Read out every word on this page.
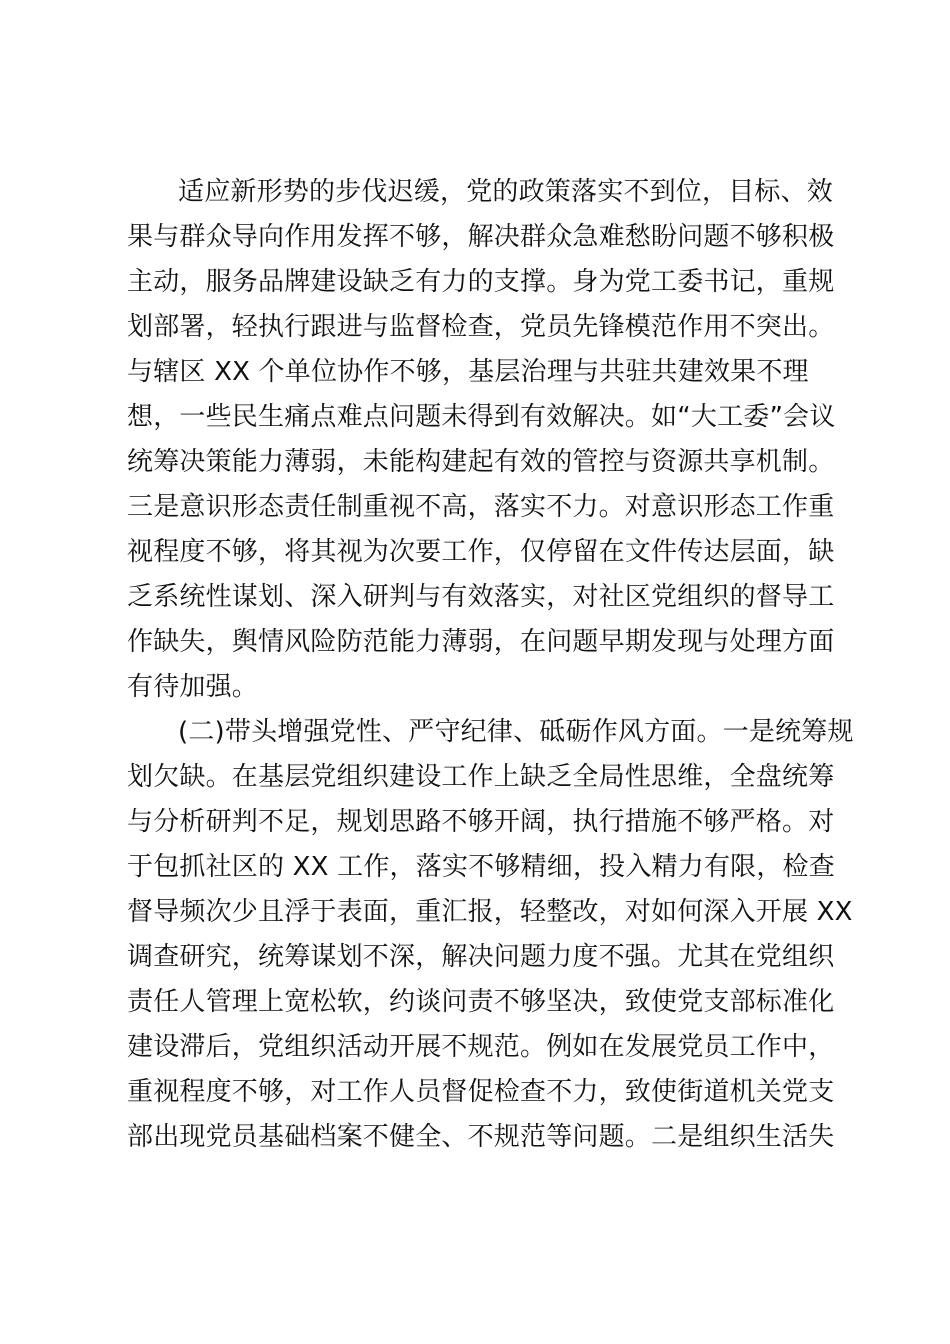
适应新形势的步伐迟缓，党的政策落实不到位，目标、效
果与群众导向作用发挥不够，解决群众急难愁盼问题不够积极
主动，服务品牌建设缺乏有力的支撑。身为党工委书记，重规
划部署，轻执行跟进与监督检查，党员先锋模范作用不突出。
与辖区 XX 个单位协作不够，基层治理与共驻共建效果不理
想，一些民生痛点难点问题未得到有效解决。如“大工委”会议
统筹决策能力薄弱，未能构建起有效的管控与资源共享机制。
三是意识形态责任制重视不高，落实不力。对意识形态工作重
视程度不够，将其视为次要工作，仅停留在文件传达层面，缺
乏系统性谋划、深入研判与有效落实，对社区党组织的督导工
作缺失，舆情风险防范能力薄弱，在问题早期发现与处理方面
有待加强。
(二)带头增强党性、严守纪律、砥砺作风方面。一是统筹规
划欠缺。在基层党组织建设工作上缺乏全局性思维，全盘统筹
与分析研判不足，规划思路不够开阔，执行措施不够严格。对
于包抓社区的 XX 工作，落实不够精细，投入精力有限，检查
督导频次少且浮于表面，重汇报，轻整改，对如何深入开展 XX
调查研究，统筹谋划不深，解决问题力度不强。尤其在党组织
责任人管理上宽松软，约谈问责不够坚决，致使党支部标准化
建设滞后，党组织活动开展不规范。例如在发展党员工作中，
重视程度不够，对工作人员督促检查不力，致使街道机关党支
部出现党员基础档案不健全、不规范等问题。二是组织生活失
